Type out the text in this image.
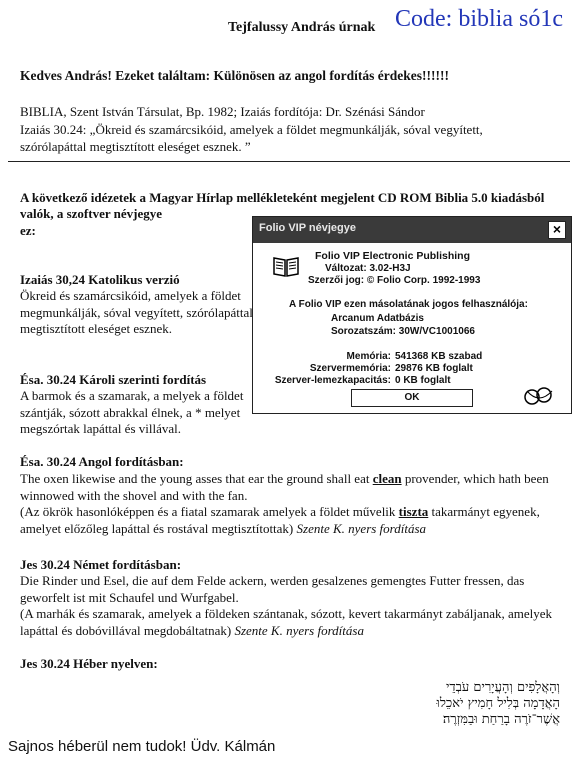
Tejfalussy András úrnak Code: biblia só1c
Kedves András! Ezeket találtam: Különösen az angol fordítás érdekes!!!!!!
BIBLIA, Szent István Társulat, Bp. 1982; Izaiás fordítója: Dr. Szénási Sándor
Izaiás 30.24: „Ökreid és szamárcsikóid, amelyek a földet megmunkálják, sóval vegyített, szórólapáttal megtisztított eleséget esznek. ”
A következő idézetek a Magyar Hírlap mellékleteként megjelent CD ROM Biblia 5.0 kiadásból valók, a szoftver névjegye
ez:	Folio VIP névjegye	×
Folio VIP Electronic Publishing
Változat: 3.02-H3J
Szerzői jog: © Folio Corp. 1992-1993
A Folio VIP ezen másolatának jogos felhasználója:
Arcanum Adatbázis
Sorozatszám: 30W/VC1001066
Memória: 541368 KB szabad
Szervermemória: 29876 KB foglalt
Szerver-lemezkapacitás: 0 KB foglalt
OK
Izaiás 30,24 Katolikus verzió
Ökreid és szamárcsikóid, amelyek a földet megmunkálják, sóval vegyített, szórólapáttal megtisztított eleséget esznek.
Ésa. 30.24 Károli szerinti fordítás
A barmok és a szamarak, a melyek a földet szántják, sózott abrakkal élnek, a * melyet megszórtak lapáttal és villával.
Ésa. 30.24 Angol fordításban:
The oxen likewise and the young asses that ear the ground shall eat clean provender, which hath been winnowed with the shovel and with the fan.
(Az ökrök hasonlóképpen és a fiatal szamarak amelyek a földet művelik tiszta takarmányt egyenek, amelyet előzőleg lapáttal és rostával megtisztítottak) Szente K. nyers fordítása
Jes 30.24 Német fordításban:
Die Rinder und Esel, die auf dem Felde ackern, werden gesalzenes gemengtes Futter fressen, das geworfelt ist mit Schaufel und Wurfgabel.
(A marhák és szamarak, amelyek a földeken szántanak, sózott, kevert takarmányt zabáljanak, amelyek lapáttal és dobóvillával megdobáltatnak) Szente K. nyers fordítása
Jes 30.24 Héber nyelven:
וְהָאֲלָפִים וְהָעֲיָרִים עֹבְדֵי
הָאֲדָמָה בְּלִיל חָמִיץ יֹאכֵלוּ
אֲשֶׁר־זֹרֶה בָרַחַת וּבַמִּזְרֶה׃
Sajnos héberül nem tudok! Üdv. Kálmán
